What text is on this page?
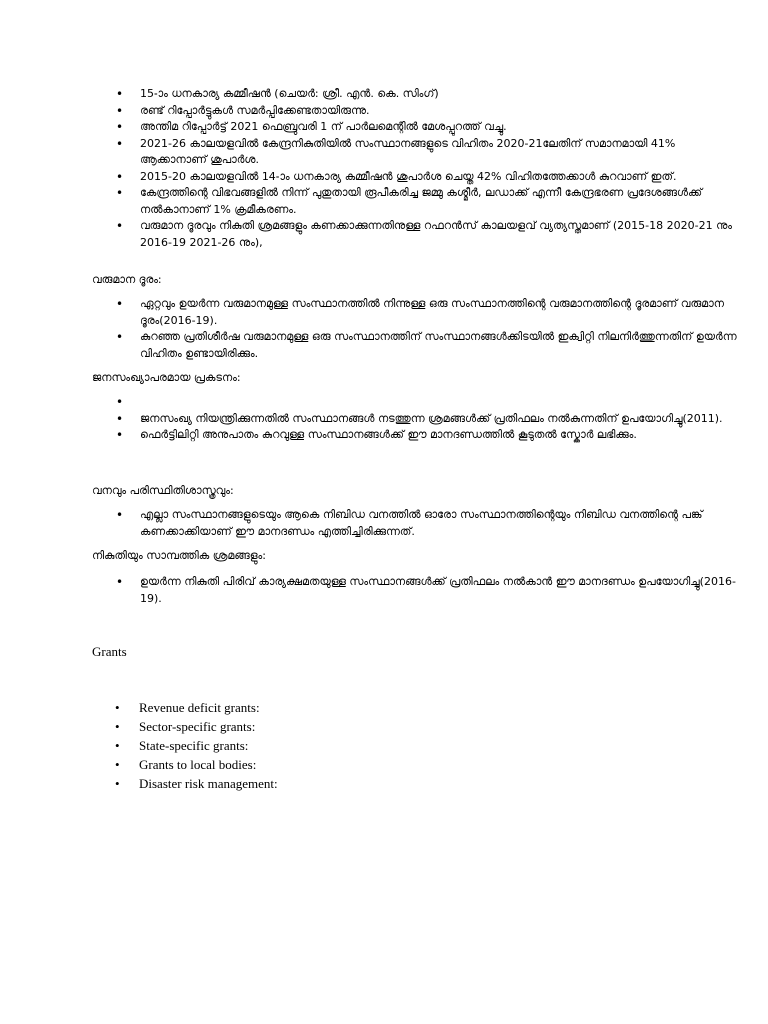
• 15-ാം ധനകാര്യ കമ്മീഷൻ (ചെയർ: ശ്രീ. എൻ. കെ. സിംഗ്)
• രണ്ട് റിപ്പോർട്ടുകൾ സമർപ്പിക്കേണ്ടതായിരുന്നു.
• അന്തിമ റിപ്പോർട്ട് 2021 ഫെബ്രുവരി 1 ന് പാർലമെന്റിൽ മേശപ്പുറത്ത് വച്ചു.
• 2021-26 കാലയളവിൽ കേന്ദ്രനികുതിയിൽ സംസ്ഥാനങ്ങളുടെ വിഹിതം 2020-21ലേതിന് സമാനമായി 41% ആക്കാനാണ് ശുപാർശ.
• 2015-20 കാലയളവിൽ 14-ാം ധനകാര്യ കമ്മീഷൻ ശുപാർശ ചെയ്ത 42% വിഹിതത്തേക്കാൾ കുറവാണ് ഇത്.
• കേന്ദ്രത്തിന്റെ വിഭവങ്ങളിൽ നിന്ന് പുതുതായി രൂപീകരിച്ച ജമ്മു കശ്മീർ, ലഡാക്ക് എന്നീ കേന്ദ്രഭരണ പ്രദേശങ്ങൾക്ക് നൽകാനാണ് 1% ക്രമീകരണം.
• വരുമാന ദൂരവും നികുതി ശ്രമങ്ങളും കണക്കാക്കുന്നതിനുള്ള റഫറൻസ് കാലയളവ് വ്യത്യസ്തമാണ് (2015-18 2020-21 നും 2016-19 2021-26 നും),

വരുമാന ദൂരം:

• ഏറ്റവും ഉയർന്ന വരുമാനമുള്ള സംസ്ഥാനത്തിൽ നിന്നുള്ള ഒരു സംസ്ഥാനത്തിന്റെ വരുമാനത്തിന്റെ ദൂരമാണ് വരുമാന ദൂരം(2016-19).
• കുറഞ്ഞ പ്രതിശീർഷ വരുമാനമുള്ള ഒരു സംസ്ഥാനത്തിന് സംസ്ഥാനങ്ങൾക്കിടയിൽ ഇക്വിറ്റി നിലനിർത്തുന്നതിന് ഉയർന്ന വിഹിതം ഉണ്ടായിരിക്കും.

ജനസംഖ്യാപരമായ പ്രകടനം:

•
• ജനസംഖ്യ നിയന്ത്രിക്കുന്നതിൽ സംസ്ഥാനങ്ങൾ നടത്തുന്ന ശ്രമങ്ങൾക്ക് പ്രതിഫലം നൽകുന്നതിന് ഉപയോഗിച്ചു(2011).
• ഫെർട്ടിലിറ്റി അനുപാതം കുറവുള്ള സംസ്ഥാനങ്ങൾക്ക് ഈ മാനദണ്ഡത്തിൽ കൂടുതൽ സ്കോർ ലഭിക്കും.

വനവും പരിസ്ഥിതിശാസ്ത്രവും:

• എല്ലാ സംസ്ഥാനങ്ങളുടെയും ആകെ നിബിഡ വനത്തിൽ ഓരോ സംസ്ഥാനത്തിന്റെയും നിബിഡ വനത്തിന്റെ പങ്ക് കണക്കാക്കിയാണ് ഈ മാനദണ്ഡം എത്തിച്ചിരിക്കുന്നത്.

നികുതിയും സാമ്പത്തിക ശ്രമങ്ങളും:

• ഉയർന്ന നികുതി പിരിവ് കാര്യക്ഷമതയുള്ള സംസ്ഥാനങ്ങൾക്ക് പ്രതിഫലം നൽകാൻ ഈ മാനദണ്ഡം ഉപയോഗിച്ചു(2016-19).

Grants

• Revenue deficit grants:
• Sector-specific grants:
• State-specific grants:
• Grants to local bodies:
• Disaster risk management:
